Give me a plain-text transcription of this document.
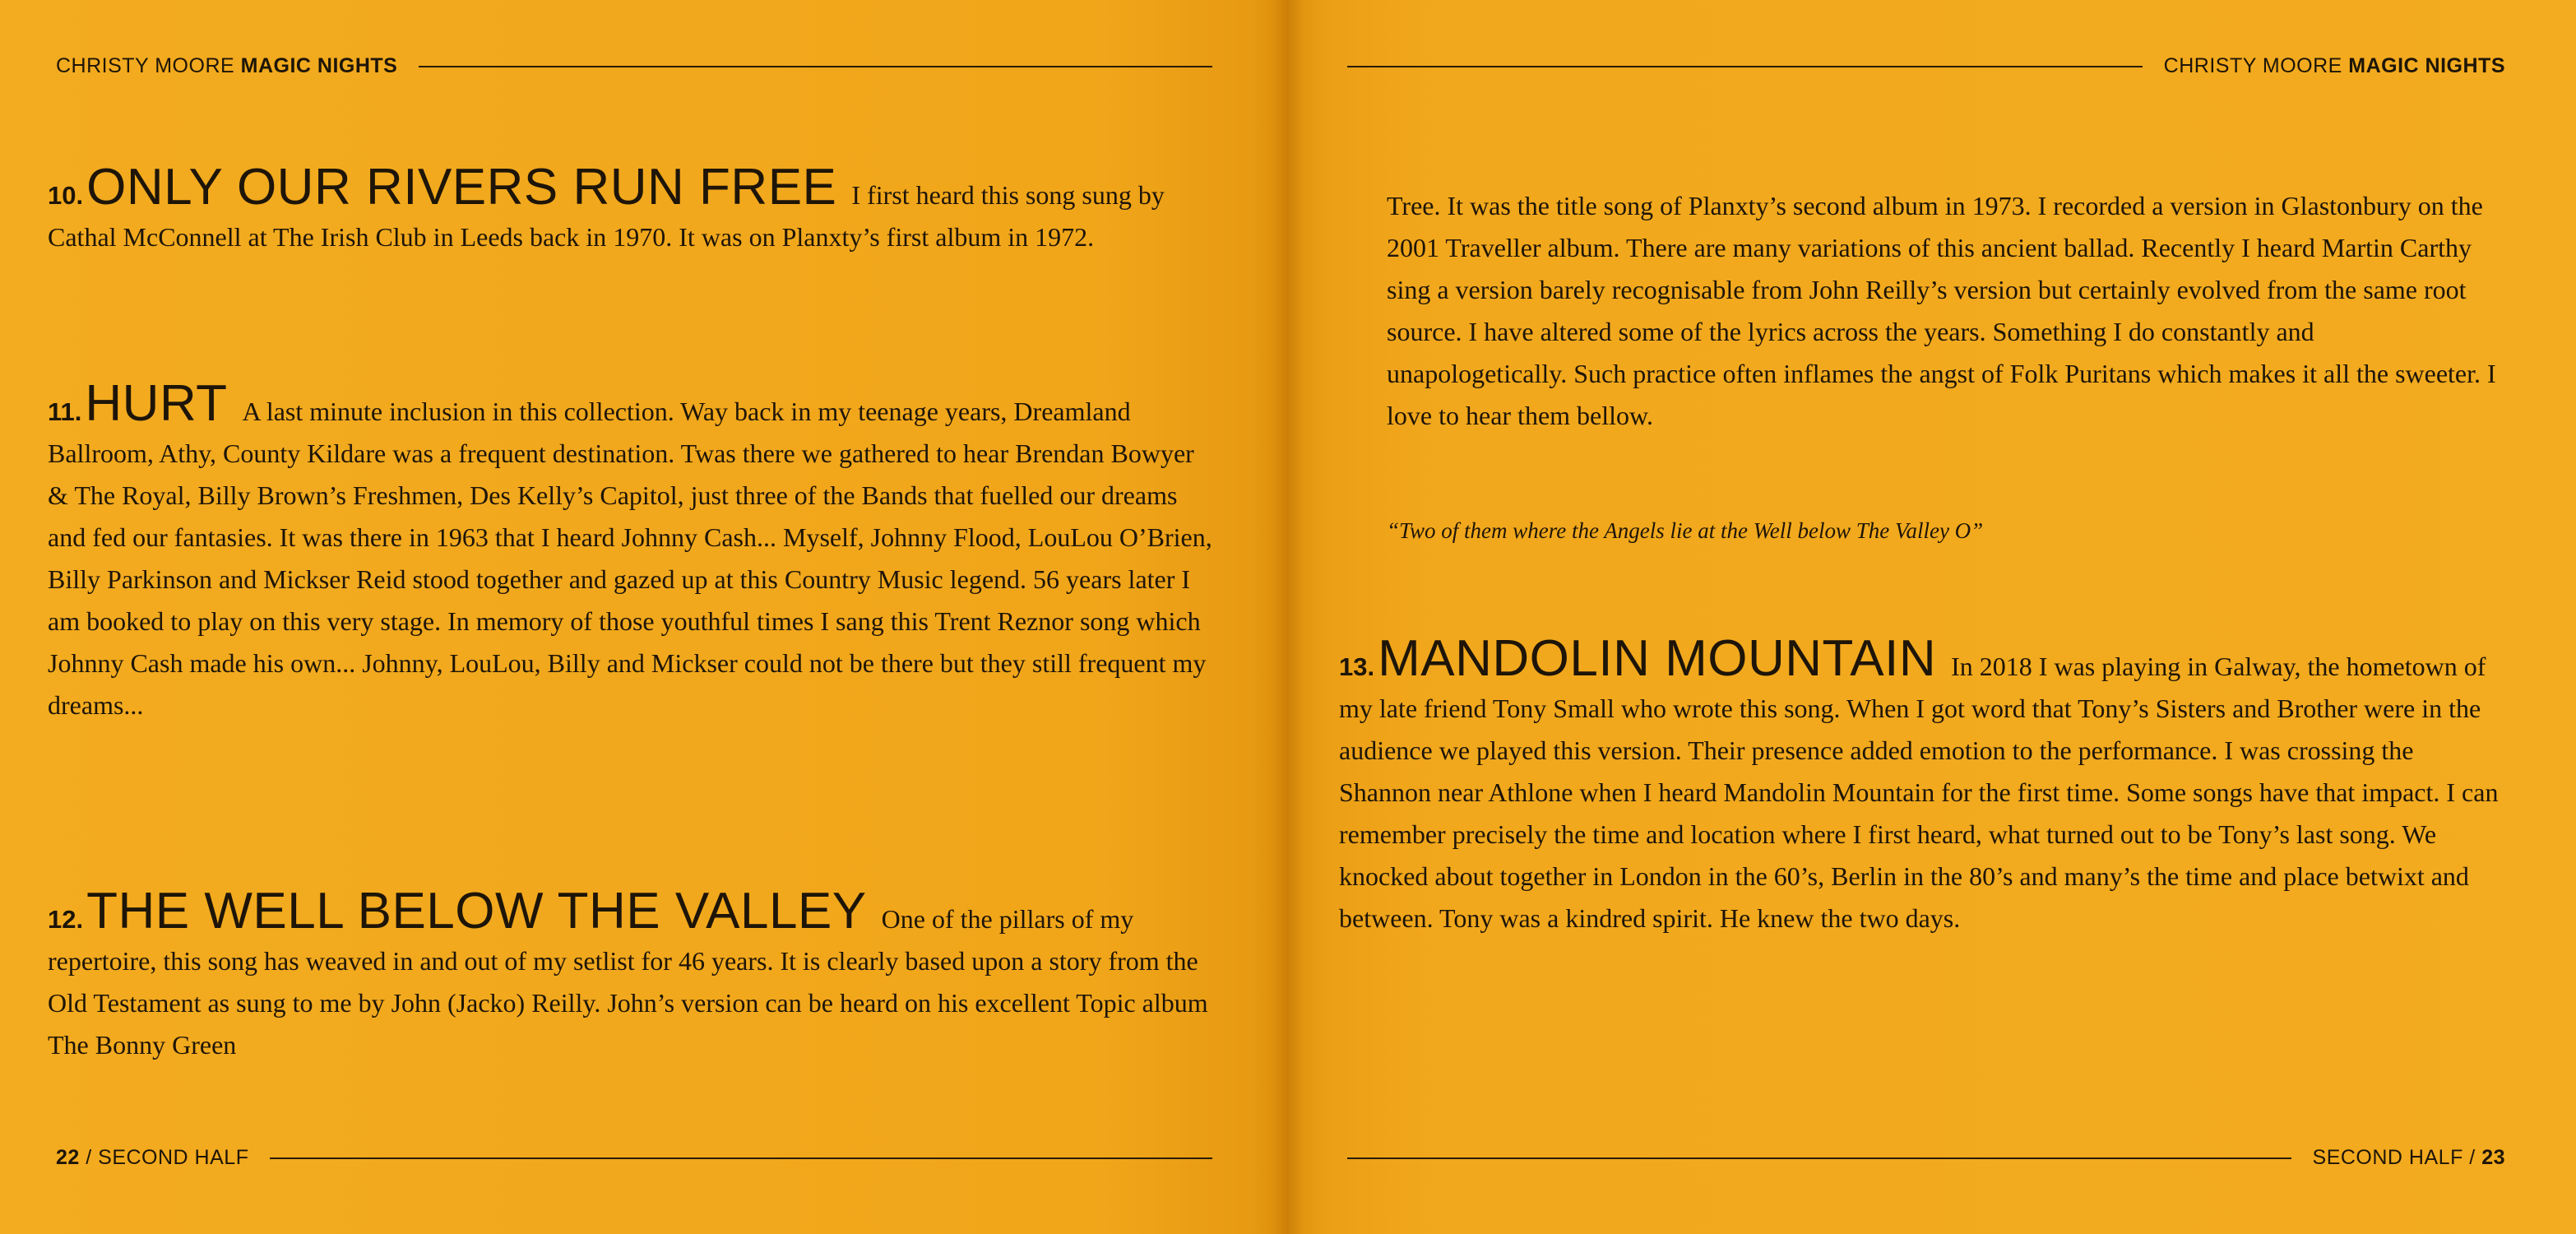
CHRISTY MOORE
MAGIC NIGHTS
10.ONLY OUR RIVERS RUN FREE I first heard this song sung by Cathal McConnell at The Irish Club in Leeds back in 1970. It was on Planxty’s first album in 1972.
11.HURT A last minute inclusion in this collection. Way back in my teenage years, Dreamland Ballroom, Athy, County Kildare was a frequent destination. Twas there we gathered to hear Brendan Bowyer & The Royal, Billy Brown’s Freshmen, Des Kelly’s Capitol, just three of the Bands that fuelled our dreams and fed our fantasies. It was there in 1963 that I heard Johnny Cash... Myself, Johnny Flood, LouLou O’Brien, Billy Parkinson and Mickser Reid stood together and gazed up at this Country Music legend. 56 years later I am booked to play on this very stage. In memory of those youthful times I sang this Trent Reznor song which Johnny Cash made his own... Johnny, LouLou, Billy and Mickser could not be there but they still frequent my dreams...
12.THE WELL BELOW THE VALLEY One of the pillars of my repertoire, this song has weaved in and out of my setlist for 46 years. It is clearly based upon a story from the Old Testament as sung to me by John (Jacko) Reilly. John’s version can be heard on his excellent Topic album The Bonny Green
22 / SECOND HALF
CHRISTY MOORE
MAGIC NIGHTS
Tree. It was the title song of Planxty’s second album in 1973. I recorded a version in Glastonbury on the 2001 Traveller album. There are many variations of this ancient ballad. Recently I heard Martin Carthy sing a version barely recognisable from John Reilly’s version but certainly evolved from the same root source. I have altered some of the lyrics across the years. Something I do constantly and unapologetically. Such practice often inflames the angst of Folk Puritans which makes it all the sweeter. I love to hear them bellow.
“Two of them where the Angels lie at the Well below The Valley O”
13.MANDOLIN MOUNTAIN In 2018 I was playing in Galway, the hometown of my late friend Tony Small who wrote this song. When I got word that Tony’s Sisters and Brother were in the audience we played this version. Their presence added emotion to the performance. I was crossing the Shannon near Athlone when I heard Mandolin Mountain for the first time. Some songs have that impact. I can remember precisely the time and location where I first heard, what turned out to be Tony’s last song. We knocked about together in London in the 60’s, Berlin in the 80’s and many’s the time and place betwixt and between. Tony was a kindred spirit. He knew the two days.
SECOND HALF / 23
